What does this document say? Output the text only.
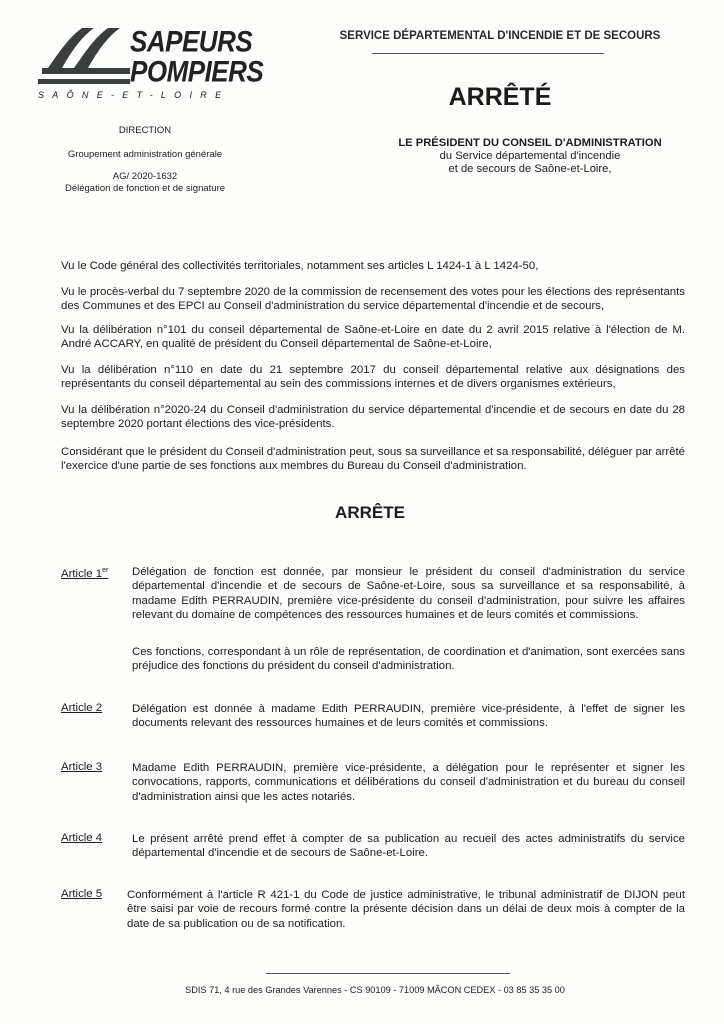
SAPEURS
POMPIERS
SAÔNE-ET-LOIRE
SERVICE DÉPARTEMENTAL D'INCENDIE ET DE SECOURS
ARRÊTÉ
DIRECTION
Groupement administration générale
AG/ 2020-1632
Délégation de fonction et de signature
LE PRÉSIDENT DU CONSEIL D'ADMINISTRATION
du Service départemental d'incendie
et de secours de Saône-et-Loire,
Vu le Code général des collectivités territoriales, notamment ses articles L 1424-1 à L 1424-50,
Vu le procès-verbal du 7 septembre 2020 de la commission de recensement des votes pour les élections des représentants des Communes et des EPCI au Conseil d'administration du service départemental d'incendie et de secours,
Vu la délibération n°101 du conseil départemental de Saône-et-Loire en date du 2 avril 2015 relative à l'élection de M. André ACCARY, en qualité de président du Conseil départemental de Saône-et-Loire,
Vu la délibération n°110 en date du 21 septembre 2017 du conseil départemental relative aux désignations des représentants du conseil départemental au sein des commissions internes et de divers organismes extérieurs,
Vu la délibération n°2020-24 du Conseil d'administration du service départemental d'incendie et de secours en date du 28 septembre 2020 portant élections des vice-présidents.
Considérant que le président du Conseil d'administration peut, sous sa surveillance et sa responsabilité, déléguer par arrêté l'exercice d'une partie de ses fonctions aux membres du Bureau du Conseil d'administration.
ARRÊTE
Article 1er Délégation de fonction est donnée, par monsieur le président du conseil d'administration du service départemental d'incendie et de secours de Saône-et-Loire, sous sa surveillance et sa responsabilité, à madame Edith PERRAUDIN, première vice-présidente du conseil d'administration, pour suivre les affaires relevant du domaine de compétences des ressources humaines et de leurs comités et commissions.
Ces fonctions, correspondant à un rôle de représentation, de coordination et d'animation, sont exercées sans préjudice des fonctions du président du conseil d'administration.
Article 2	Délégation est donnée à madame Edith PERRAUDIN, première vice-présidente, à l'effet de signer les documents relevant des ressources humaines et de leurs comités et commissions.
Article 3	Madame Edith PERRAUDIN, première vice-présidente, a délégation pour le représenter et signer les convocations, rapports, communications et délibérations du conseil d'administration et du bureau du conseil d'administration ainsi que les actes notariés.
Article 4	Le présent arrêté prend effet à compter de sa publication au recueil des actes administratifs du service départemental d'incendie et de secours de Saône-et-Loire.
Article 5 Conformément à l'article R 421-1 du Code de justice administrative, le tribunal administratif de DIJON peut être saisi par voie de recours formé contre la présente décision dans un délai de deux mois à compter de la date de sa publication ou de sa notification.
SDIS 71, 4 rue des Grandes Varennes - CS 90109 - 71009 MÂCON CEDEX - 03 85 35 35 00
